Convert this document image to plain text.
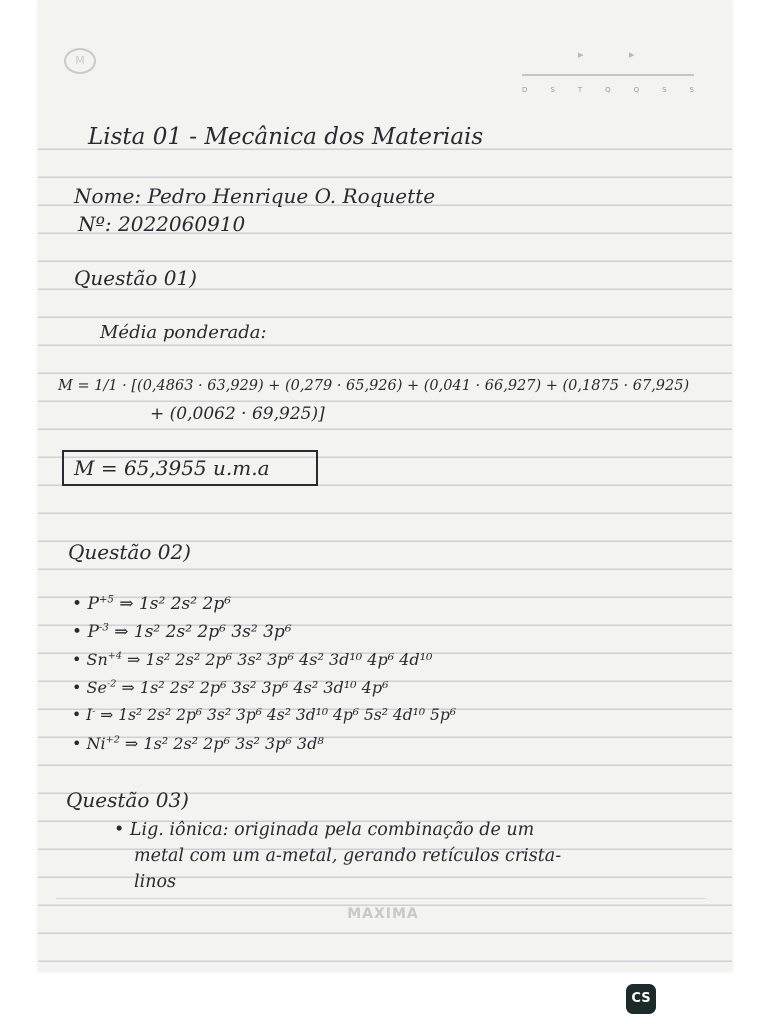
M	▸	▸
D	S	T	Q	Q	S	S
Lista 01 - Mecânica dos Materiais
Nome: Pedro Henrique O. Roquette
Nº: 2022060910
Questão 01)
Média ponderada:
M = 1/1 · [(0,4863 · 63,929) + (0,279 · 65,926) + (0,041 · 66,927) + (0,1875 · 67,925)
+ (0,0062 · 69,925)]
M = 65,3955 u.m.a
Questão 02)
• $P^{+5}$ ⇒ 1s² 2s² 2p⁶
• $P^{-3}$ ⇒ 1s² 2s² 2p⁶ 3s² 3p⁶
• $Sn^{+4}$ ⇒ 1s² 2s² 2p⁶ 3s² 3p⁶ 4s² 3d¹⁰ 4p⁶ 4d¹⁰
• $Se^{-2}$ ⇒ 1s² 2s² 2p⁶ 3s² 3p⁶ 4s² 3d¹⁰ 4p⁶
• I- ⇒ 1s² 2s² 2p⁶ 3s² 3p⁶ 4s² 3d¹⁰ 4p⁶ 5s² 4d¹⁰ 5p⁶
• $Ni^{+2}$ ⇒ 1s² 2s² 2p⁶ 3s² 3p⁶ 3d⁸
Questão 03)
• Lig. iônica: originada pela combinação de um
metal com um a-metal, gerando retículos crista-
linos
MAXIMA
CS
